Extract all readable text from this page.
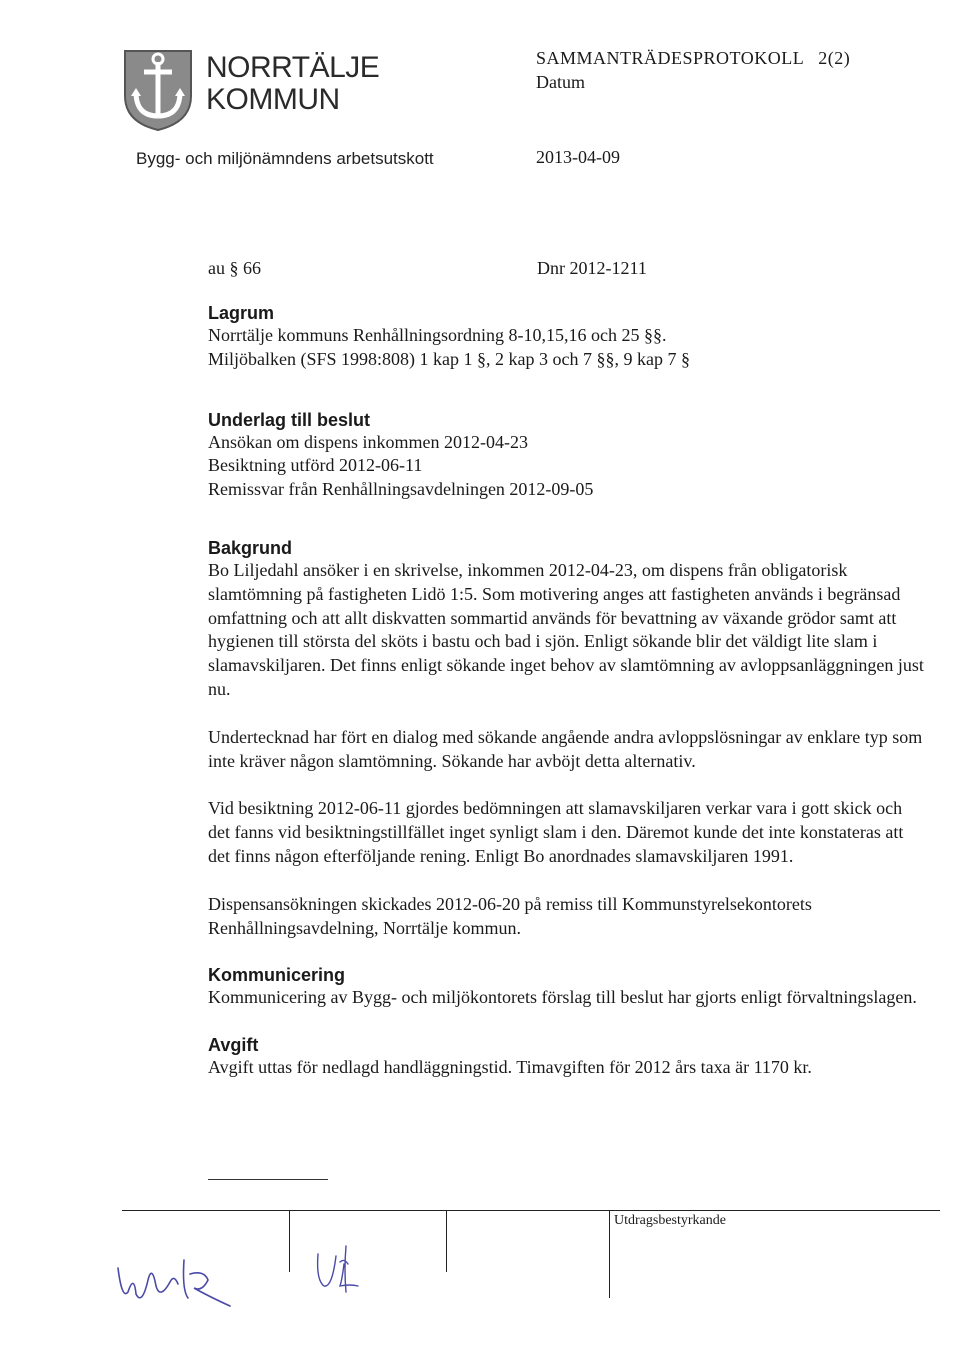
NORRTÄLJE
KOMMUN
Bygg- och miljönämndens arbetsutskott
SAMMANTRÄDESPROTOKOLL 2(2)
Datum
2013-04-09
au § 66	Dnr 2012-1211
Lagrum

Norrtälje kommuns Renhållningsordning 8-10,15,16 och 25 §§.

Miljöbalken (SFS 1998:808) 1 kap 1 §, 2 kap 3 och 7 §§, 9 kap 7 §

Underlag till beslut

Ansökan om dispens inkommen 2012-04-23

Besiktning utförd 2012-06-11

Remissvar från Renhållningsavdelningen 2012-09-05

Bakgrund

Bo Liljedahl ansöker i en skrivelse, inkommen 2012-04-23, om dispens från obligatorisk slamtömning på fastigheten Lidö 1:5. Som motivering anges att fastigheten används i begränsad omfattning och att allt diskvatten sommartid används för bevattning av växande grödor samt att hygienen till största del sköts i bastu och bad i sjön. Enligt sökande blir det väldigt lite slam i slamavskiljaren. Det finns enligt sökande inget behov av slamtömning av avloppsanläggningen just nu.

Undertecknad har fört en dialog med sökande angående andra avloppslösningar av enklare typ som inte kräver någon slamtömning. Sökande har avböjt detta alternativ.

Vid besiktning 2012-06-11 gjordes bedömningen att slamavskiljaren verkar vara i gott skick och det fanns vid besiktningstillfället inget synligt slam i den. Däremot kunde det inte konstateras att det finns någon efterföljande rening. Enligt Bo anordnades slamavskiljaren 1991.

Dispensansökningen skickades 2012-06-20 på remiss till Kommunstyrelsekontorets Renhållningsavdelning, Norrtälje kommun.

Kommunicering

Kommunicering av Bygg- och miljökontorets förslag till beslut har gjorts enligt förvaltningslagen.

Avgift

Avgift uttas för nedlagd handläggningstid. Timavgiften för 2012 års taxa är 1170 kr.

Utdragsbestyrkande
